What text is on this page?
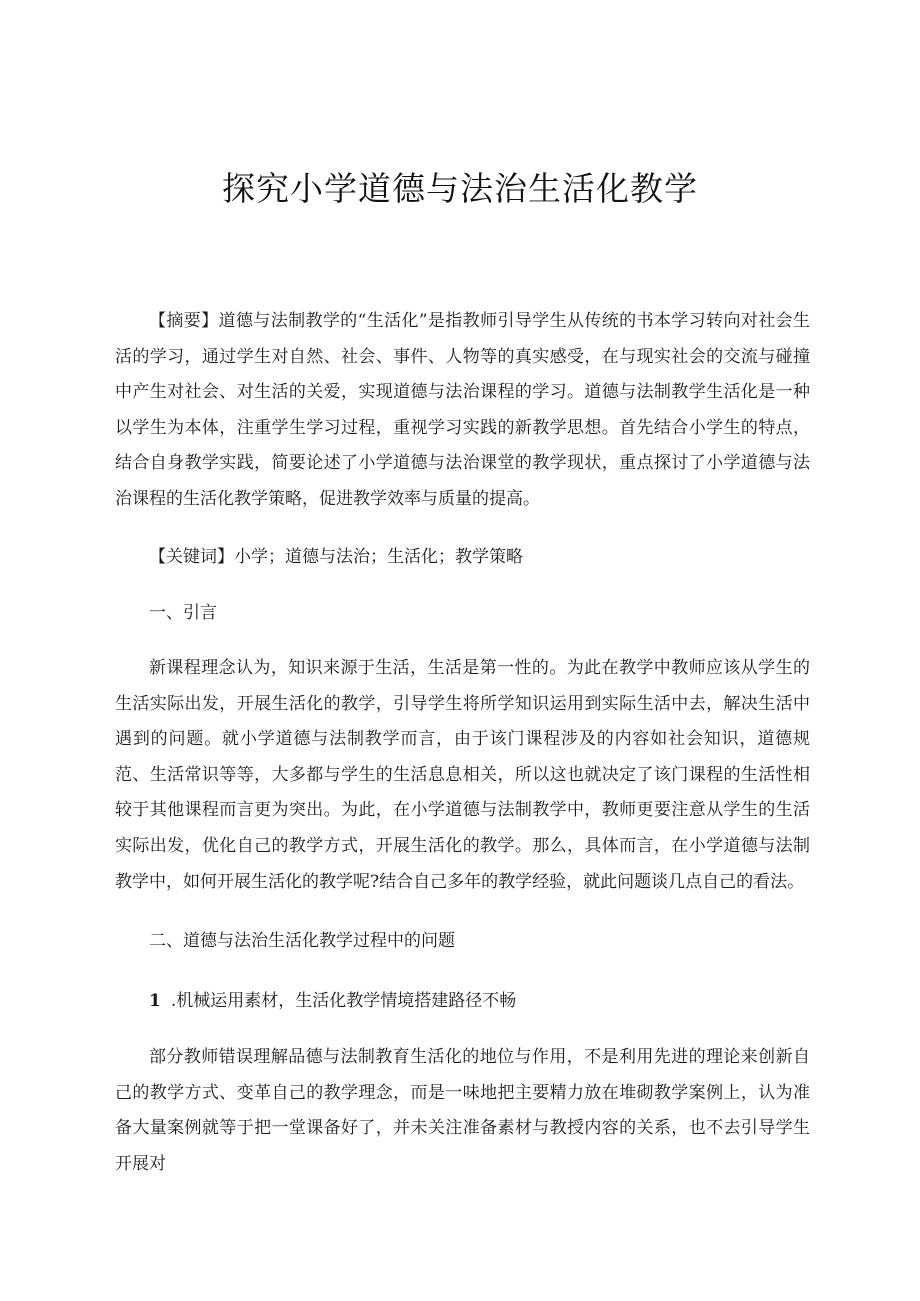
探究小学道德与法治生活化教学

【摘要】道德与法制教学的“生活化”是指教师引导学生从传统的书本学习转向对社会生活的学习，通过学生对自然、社会、事件、人物等的真实感受，在与现实社会的交流与碰撞中产生对社会、对生活的关爱，实现道德与法治课程的学习。道德与法制教学生活化是一种以学生为本体，注重学生学习过程，重视学习实践的新教学思想。首先结合小学生的特点，结合自身教学实践，简要论述了小学道德与法治课堂的教学现状，重点探讨了小学道德与法治课程的生活化教学策略，促进教学效率与质量的提高。

【关键词】小学；道德与法治；生活化；教学策略
一、引言

新课程理念认为，知识来源于生活，生活是第一性的。为此在教学中教师应该从学生的生活实际出发，开展生活化的教学，引导学生将所学知识运用到实际生活中去，解决生活中遇到的问题。就小学道德与法制教学而言，由于该门课程涉及的内容如社会知识，道德规范、生活常识等等，大多都与学生的生活息息相关，所以这也就决定了该门课程的生活性相较于其他课程而言更为突出。为此，在小学道德与法制教学中，教师更要注意从学生的生活实际出发，优化自己的教学方式，开展生活化的教学。那么，具体而言，在小学道德与法制教学中，如何开展生活化的教学呢?结合自己多年的教学经验，就此问题谈几点自己的看法。

二、道德与法治生活化教学过程中的问题
1 .机械运用素材，生活化教学情境搭建路径不畅

部分教师错误理解品德与法制教育生活化的地位与作用，不是利用先进的理论来创新自己的教学方式、变革自己的教学理念，而是一味地把主要精力放在堆砌教学案例上，认为准备大量案例就等于把一堂课备好了，并未关注准备素材与教授内容的关系，也不去引导学生开展对
